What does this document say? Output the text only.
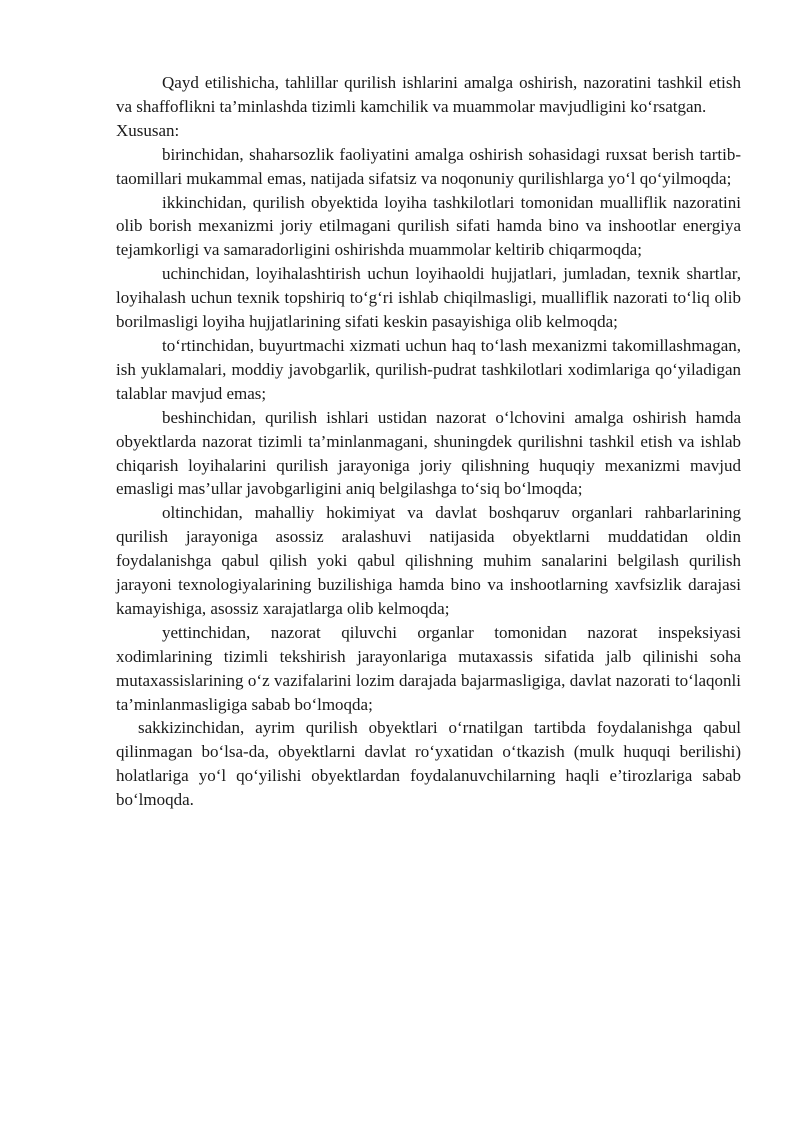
Qayd etilishicha, tahlillar qurilish ishlarini amalga oshirish, nazoratini tashkil etish va shaffoflikni ta’minlashda tizimli kamchilik va muammolar mavjudligini ko‘rsatgan.

Xususan:

birinchidan, shaharsozlik faoliyatini amalga oshirish sohasidagi ruxsat berish tartib-taomillari mukammal emas, natijada sifatsiz va noqonuniy qurilishlarga yo‘l qo‘yilmoqda;

ikkinchidan, qurilish obyektida loyiha tashkilotlari tomonidan mualliflik nazoratini olib borish mexanizmi joriy etilmagani qurilish sifati hamda bino va inshootlar energiya tejamkorligi va samaradorligini oshirishda muammolar keltirib chiqarmoqda;

uchinchidan, loyihalashtirish uchun loyihaoldi hujjatlari, jumladan, texnik shartlar, loyihalash uchun texnik topshiriq to‘g‘ri ishlab chiqilmasligi, mualliflik nazorati to‘liq olib borilmasligi loyiha hujjatlarining sifati keskin pasayishiga olib kelmoqda;

to‘rtinchidan, buyurtmachi xizmati uchun haq to‘lash mexanizmi takomillashmagan, ish yuklamalari, moddiy javobgarlik, qurilish-pudrat tashkilotlari xodimlariga qo‘yiladigan talablar mavjud emas;

beshinchidan, qurilish ishlari ustidan nazorat o‘lchovini amalga oshirish hamda obyektlarda nazorat tizimli ta’minlanmagani, shuningdek qurilishni tashkil etish va ishlab chiqarish loyihalarini qurilish jarayoniga joriy qilishning huquqiy mexanizmi mavjud emasligi mas’ullar javobgarligini aniq belgilashga to‘siq bo‘lmoqda;

oltinchidan, mahalliy hokimiyat va davlat boshqaruv organlari rahbarlarining qurilish jarayoniga asossiz aralashuvi natijasida obyektlarni muddatidan oldin foydalanishga qabul qilish yoki qabul qilishning muhim sanalarini belgilash qurilish jarayoni texnologiyalarining buzilishiga hamda bino va inshootlarning xavfsizlik darajasi kamayishiga, asossiz xarajatlarga olib kelmoqda;

yettinchidan, nazorat qiluvchi organlar tomonidan nazorat inspeksiyasi xodimlarining tizimli tekshirish jarayonlariga mutaxassis sifatida jalb qilinishi soha mutaxassislarining o‘z vazifalarini lozim darajada bajarmasligiga, davlat nazorati to‘laqonli ta’minlanmasligiga sabab bo‘lmoqda;

sakkizinchidan, ayrim qurilish obyektlari o‘rnatilgan tartibda foydalanishga qabul qilinmagan bo‘lsa-da, obyektlarni davlat ro‘yxatidan o‘tkazish (mulk huquqi berilishi) holatlariga yo‘l qo‘yilishi obyektlardan foydalanuvchilarning haqli e’tirozlariga sabab bo‘lmoqda.
